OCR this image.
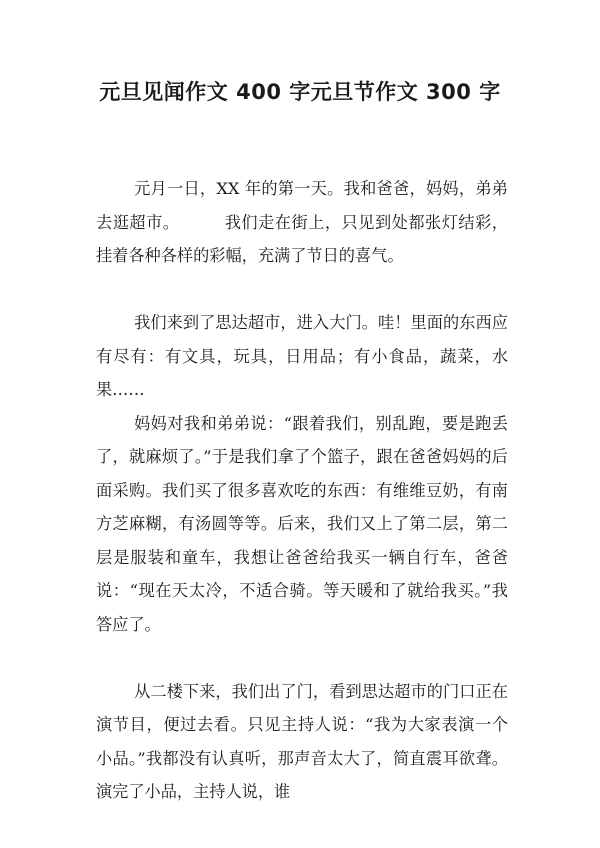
元旦见闻作文 400 字元旦节作文 300 字

元月一日，XX 年的第一天。我和爸爸，妈妈，弟弟去逛超市。        我们走在街上，只见到处都张灯结彩，挂着各种各样的彩幅，充满了节日的喜气。

我们来到了思达超市，进入大门。哇！里面的东西应有尽有：有文具，玩具，日用品；有小食品，蔬菜，水果……

妈妈对我和弟弟说：“跟着我们，别乱跑，要是跑丢了，就麻烦了。”于是我们拿了个篮子，跟在爸爸妈妈的后面采购。我们买了很多喜欢吃的东西：有维维豆奶，有南方芝麻糊，有汤圆等等。后来，我们又上了第二层，第二层是服装和童车，我想让爸爸给我买一辆自行车，爸爸说：“现在天太冷，不适合骑。等天暖和了就给我买。”我答应了。

从二楼下来，我们出了门，看到思达超市的门口正在演节目，便过去看。只见主持人说：“我为大家表演一个小品。”我都没有认真听，那声音太大了，简直震耳欲聋。演完了小品，主持人说，谁
